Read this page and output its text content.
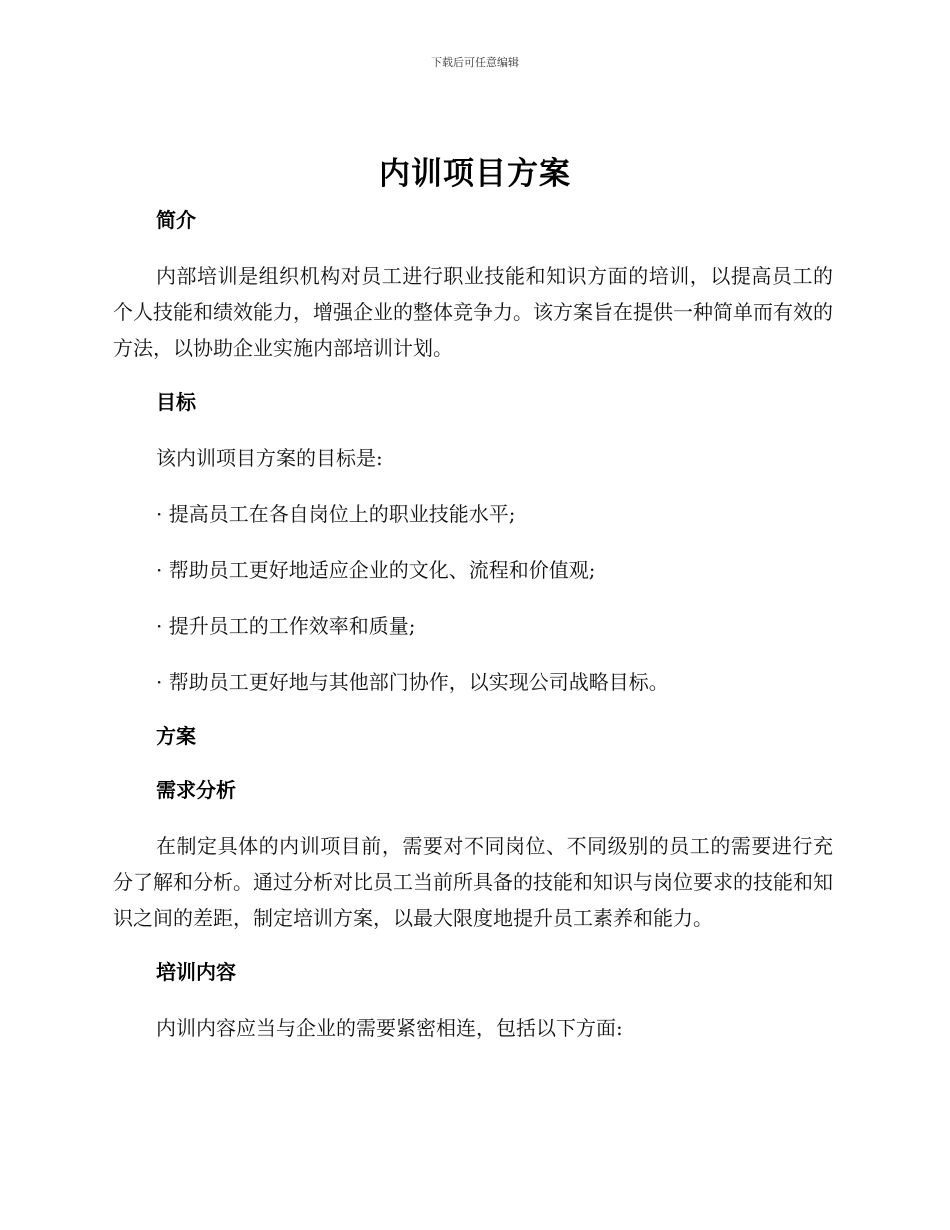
下载后可任意编辑
内训项目方案
简介

内部培训是组织机构对员工进行职业技能和知识方面的培训，以提高员工的个人技能和绩效能力，增强企业的整体竞争力。该方案旨在提供一种简单而有效的方法，以协助企业实施内部培训计划。

目标

该内训项目方案的目标是:

· 提高员工在各自岗位上的职业技能水平;

· 帮助员工更好地适应企业的文化、流程和价值观;

· 提升员工的工作效率和质量;

· 帮助员工更好地与其他部门协作，以实现公司战略目标。

方案
需求分析

在制定具体的内训项目前，需要对不同岗位、不同级别的员工的需要进行充分了解和分析。通过分析对比员工当前所具备的技能和知识与岗位要求的技能和知识之间的差距，制定培训方案，以最大限度地提升员工素养和能力。

培训内容

内训内容应当与企业的需要紧密相连，包括以下方面:
